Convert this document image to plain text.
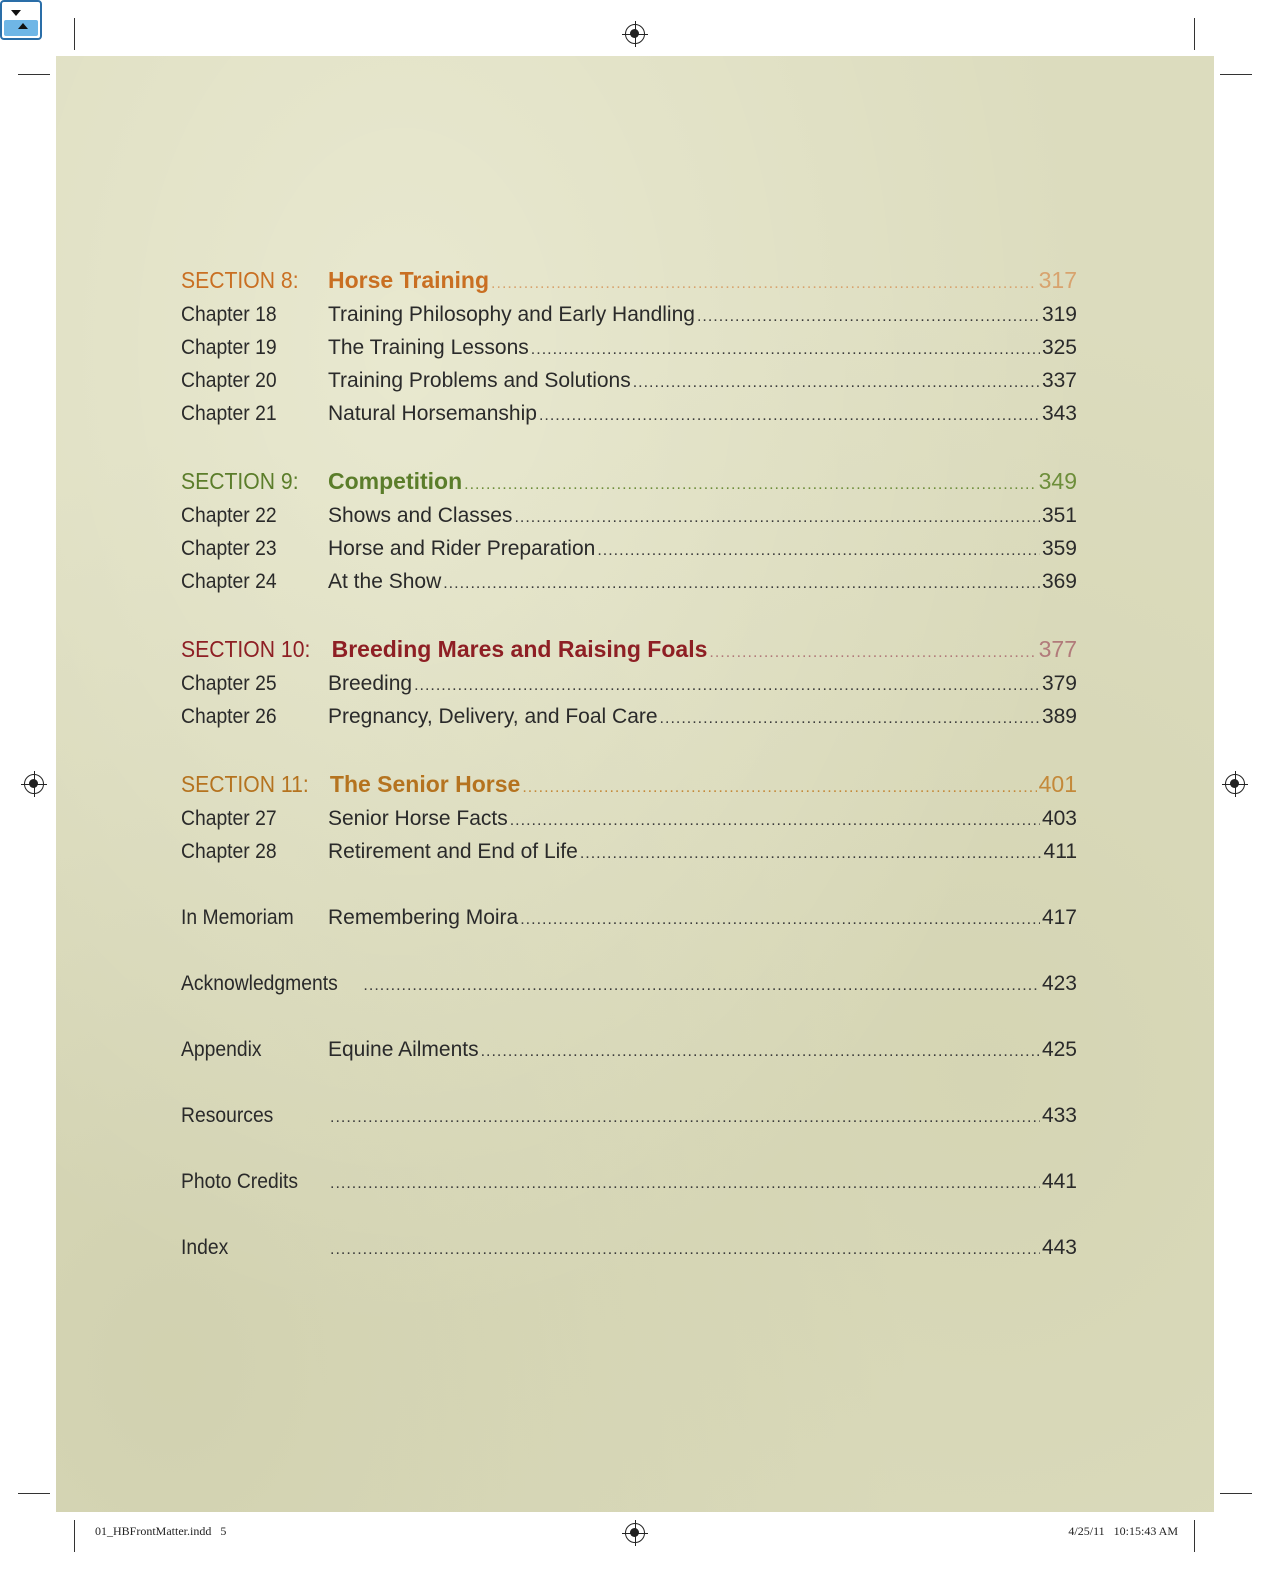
SECTION 8:	Horse Training .....	317
Chapter 18	Training Philosophy and Early Handling .....	319
Chapter 19	The Training Lessons .....	325
Chapter 20	Training Problems and Solutions .....	337
Chapter 21	Natural Horsemanship .....	343
SECTION 9:	Competition .....	349
Chapter 22	Shows and Classes .....	351
Chapter 23	Horse and Rider Preparation .....	359
Chapter 24	At the Show .....	369
SECTION 10: Breeding Mares and Raising Foals .....	377
Chapter 25	Breeding .....	379
Chapter 26	Pregnancy, Delivery, and Foal Care .....	389
SECTION 11: The Senior Horse .....	401
Chapter 27	Senior Horse Facts .....	403
Chapter 28	Retirement and End of Life .....	411
In Memoriam	Remembering Moira .....	417
Acknowledgments .....	423
Appendix	Equine Ailments .....	425
Resources .....	433
Photo Credits .....	441
Index .....	443
01_HBFrontMatter.indd   5	4/25/11   10:15:43 AM
